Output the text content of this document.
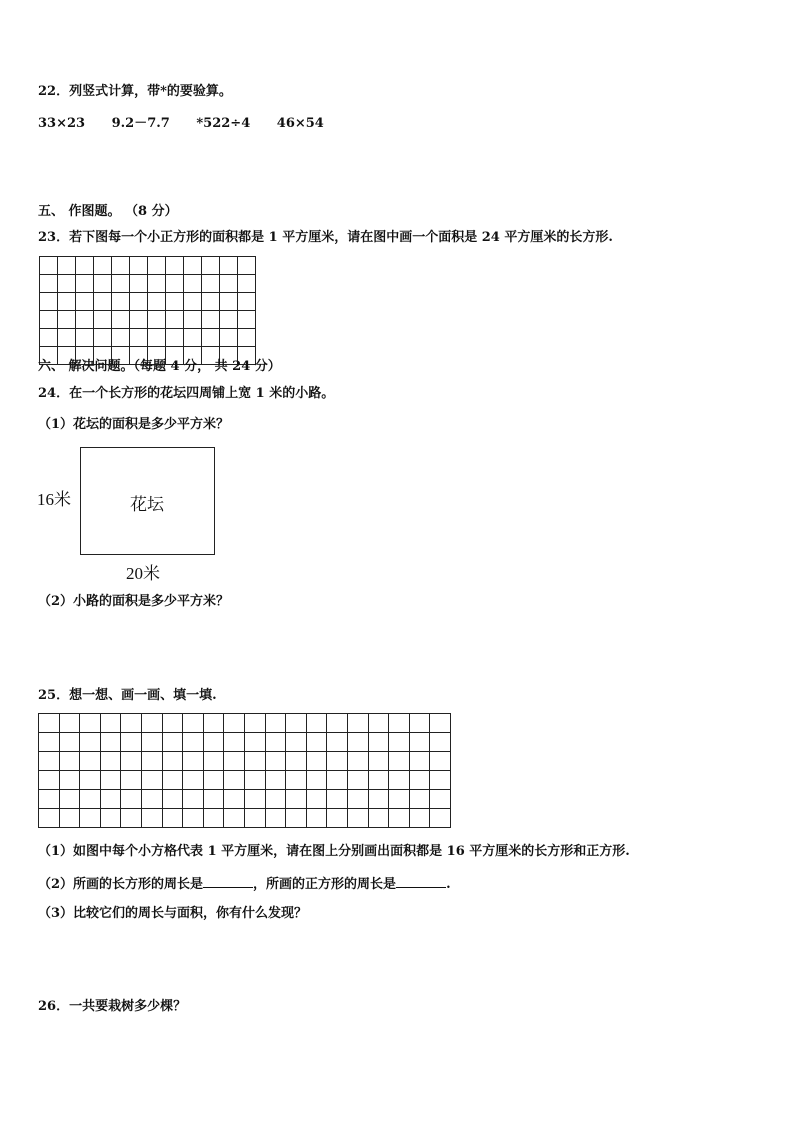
22．列竖式计算，带*的要验算。
33×23 9.2－7.7 *522÷4 46×54
五、 作图题。 （8 分）
23．若下图每一个小正方形的面积都是 1 平方厘米，请在图中画一个面积是 24 平方厘米的长方形.
六、 解决问题。（每题 4 分， 共 24 分）
24．在一个长方形的花坛四周铺上宽 1 米的小路。
（1）花坛的面积是多少平方米？
花坛
16米
20米
（2）小路的面积是多少平方米？
25．想一想、画一画、填一填.
（1）如图中每个小方格代表 1 平方厘米，请在图上分别画出面积都是 16 平方厘米的长方形和正方形.
（2）所画的长方形的周长是	，所画的正方形的周长是	.
（3）比较它们的周长与面积，你有什么发现？
26．一共要栽树多少棵？
